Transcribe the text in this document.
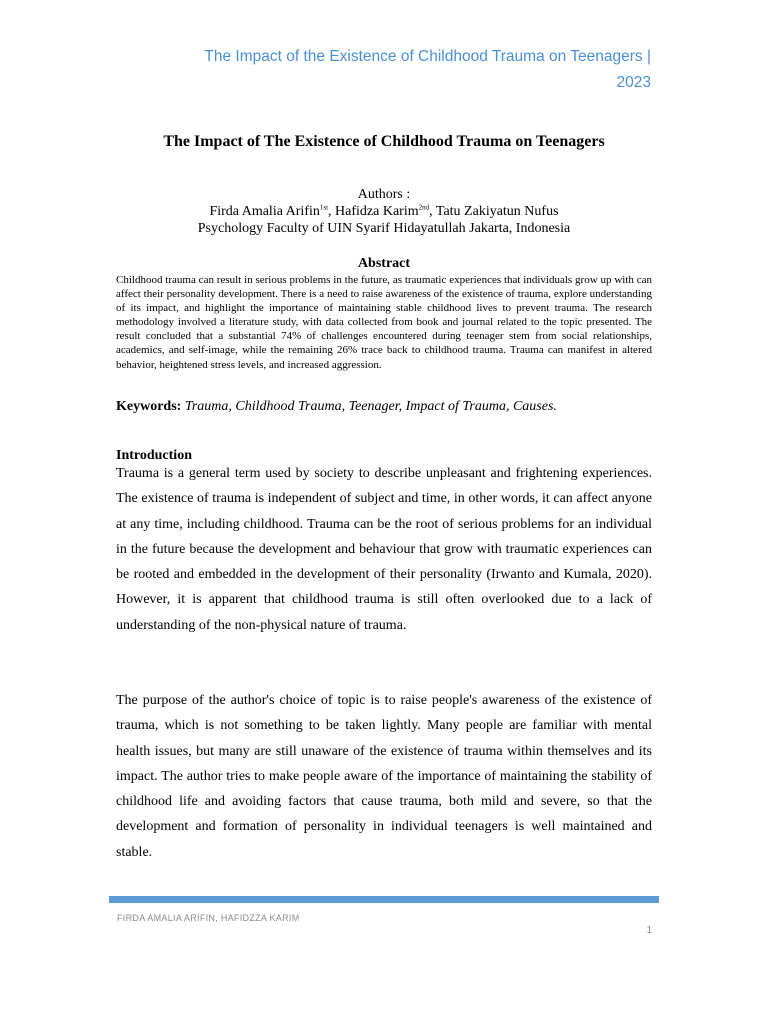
The Impact of the Existence of Childhood Trauma on Teenagers |
2023
The Impact of The Existence of Childhood Trauma on Teenagers
Authors :
Firda Amalia Arifin$^{1st}$, Hafidza Karim$^{2nd}$, Tatu Zakiyatun Nufus
Psychology Faculty of UIN Syarif Hidayatullah Jakarta, Indonesia
Abstract
Childhood trauma can result in serious problems in the future, as traumatic experiences that individuals grow up with can affect their personality development. There is a need to raise awareness of the existence of trauma, explore understanding of its impact, and highlight the importance of maintaining stable childhood lives to prevent trauma. The research methodology involved a literature study, with data collected from book and journal related to the topic presented. The result concluded that a substantial 74% of challenges encountered during teenager stem from social relationships, academics, and self-image, while the remaining 26% trace back to childhood trauma. Trauma can manifest in altered behavior, heightened stress levels, and increased aggression.
Keywords: Trauma, Childhood Trauma, Teenager, Impact of Trauma, Causes.
Introduction
Trauma is a general term used by society to describe unpleasant and frightening experiences. The existence of trauma is independent of subject and time, in other words, it can affect anyone at any time, including childhood. Trauma can be the root of serious problems for an individual in the future because the development and behaviour that grow with traumatic experiences can be rooted and embedded in the development of their personality (Irwanto and Kumala, 2020). However, it is apparent that childhood trauma is still often overlooked due to a lack of understanding of the non-physical nature of trauma.
The purpose of the author's choice of topic is to raise people's awareness of the existence of trauma, which is not something to be taken lightly. Many people are familiar with mental health issues, but many are still unaware of the existence of trauma within themselves and its impact. The author tries to make people aware of the importance of maintaining the stability of childhood life and avoiding factors that cause trauma, both mild and severe, so that the development and formation of personality in individual teenagers is well maintained and stable.
FIRDA AMALIA ARIFIN, HAFIDZZA KARIM
1
